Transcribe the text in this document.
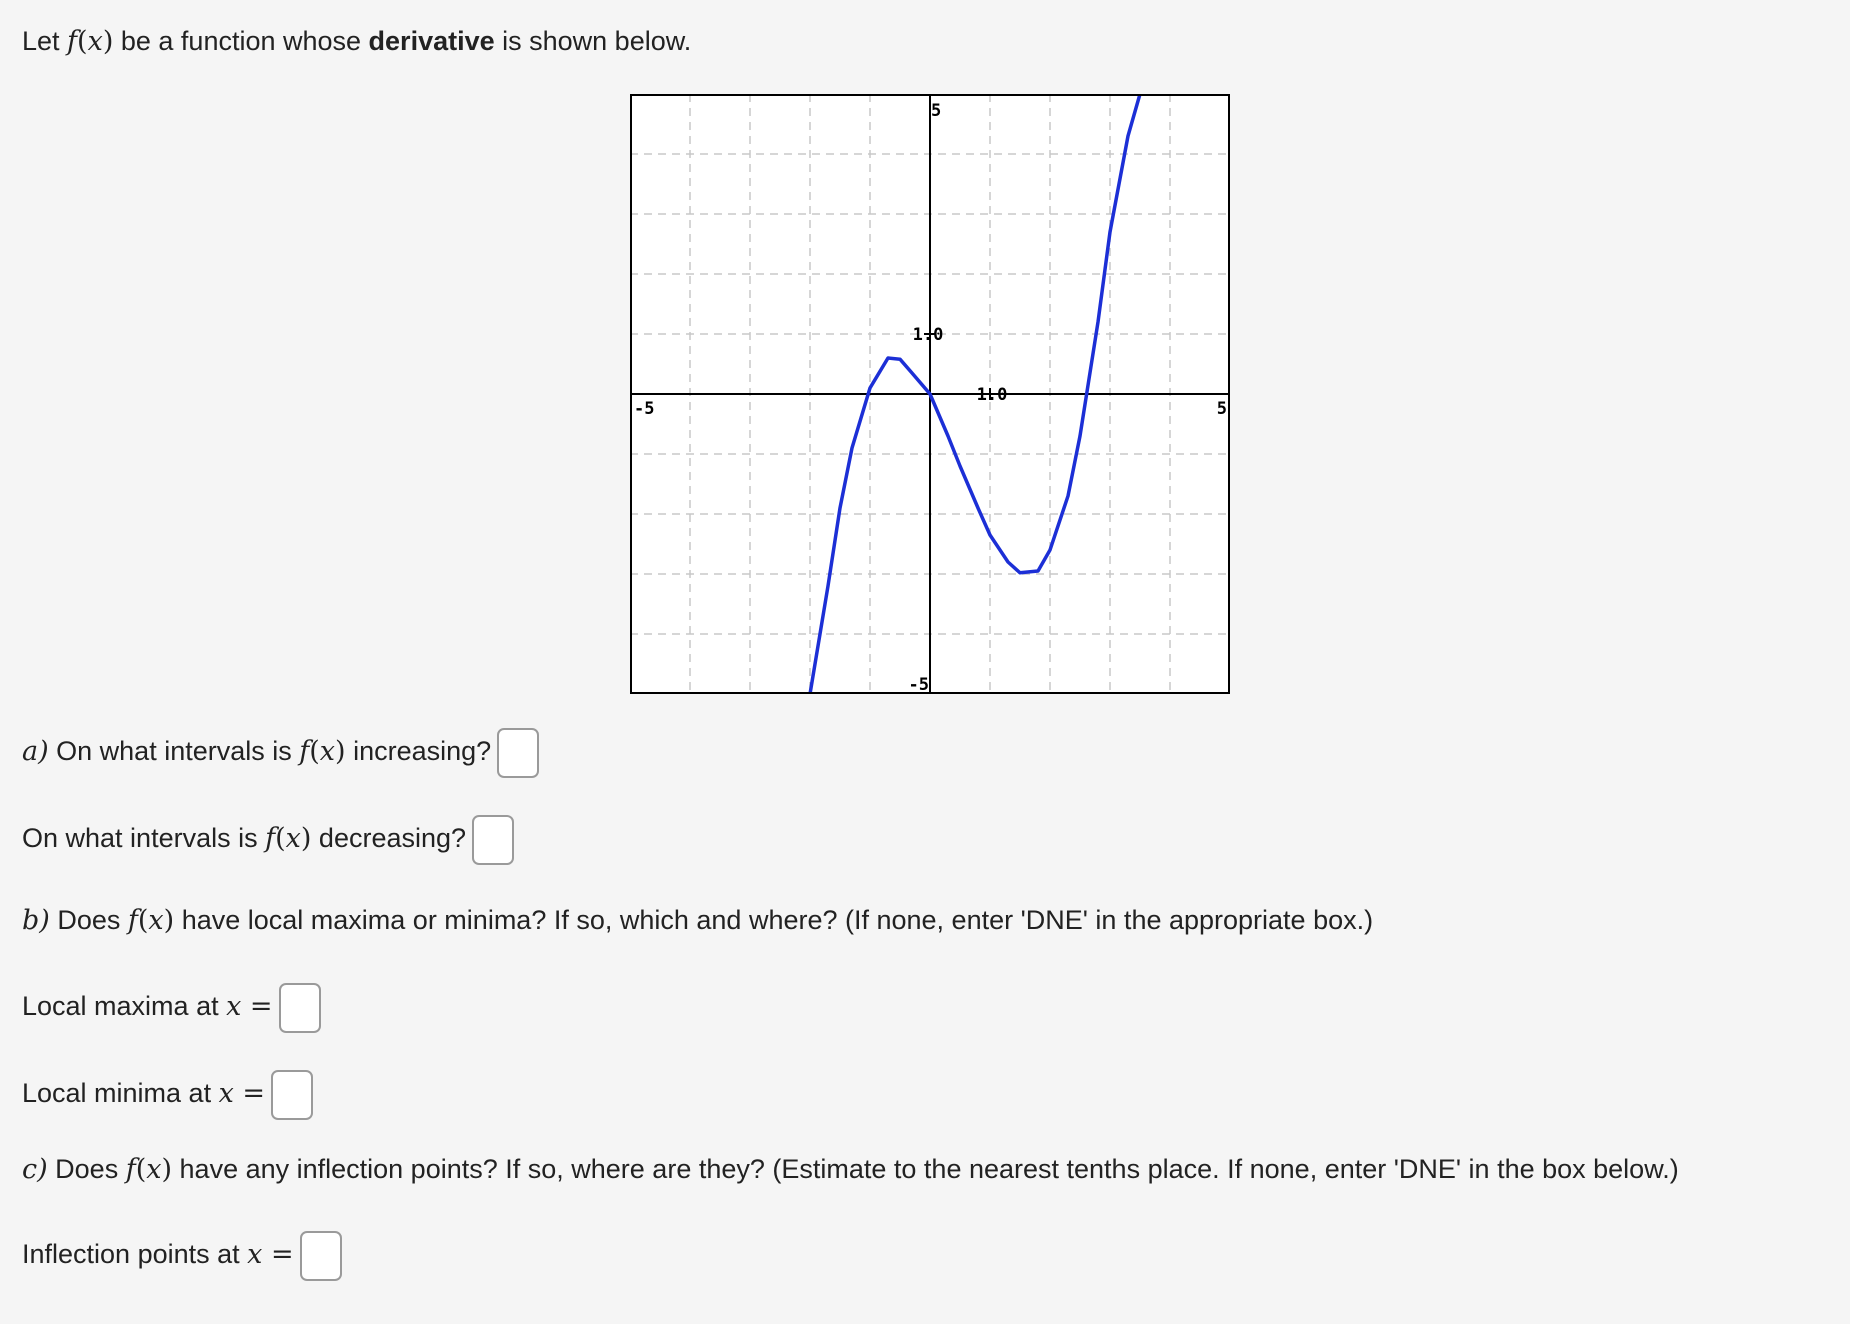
Let f(x) be a function whose derivative is shown below.
-5	5
1.0
5
-5
1.0
a) On what intervals is f(x) increasing?
On what intervals is f(x) decreasing?
b) Does f(x) have local maxima or minima? If so, which and where? (If none, enter 'DNE' in the appropriate box.)
Local maxima at x =
Local minima at x =
c) Does f(x) have any inflection points? If so, where are they? (Estimate to the nearest tenths place. If none, enter 'DNE' in the box below.)
Inflection points at x =
